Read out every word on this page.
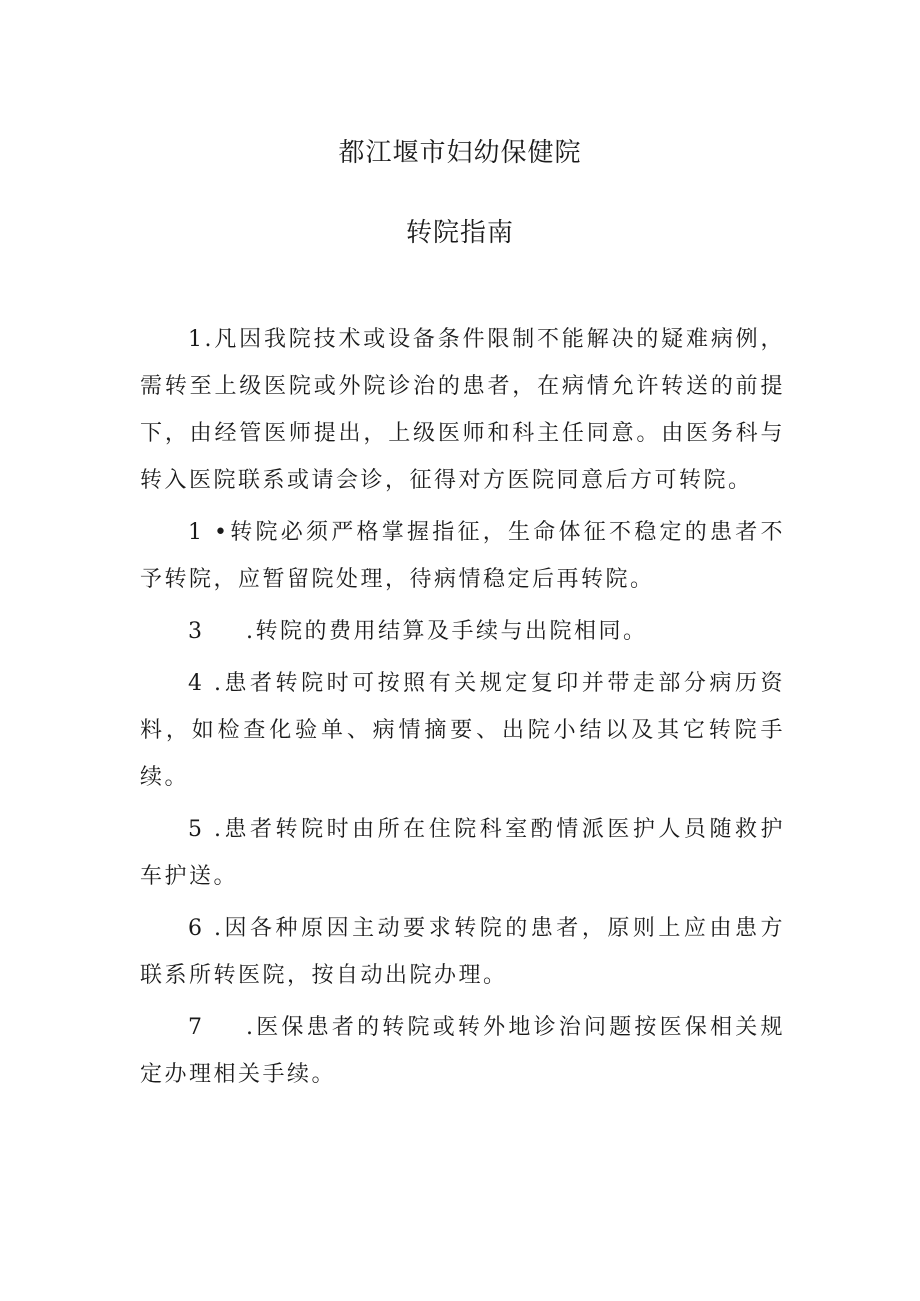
都江堰市妇幼保健院
转院指南

1.凡因我院技术或设备条件限制不能解决的疑难病例，需转至上级医院或外院诊治的患者，在病情允许转送的前提下，由经管医师提出，上级医师和科主任同意。由医务科与转入医院联系或请会诊，征得对方医院同意后方可转院。

1 •转院必须严格掌握指征，生命体征不稳定的患者不予转院，应暂留院处理，待病情稳定后再转院。

3 .转院的费用结算及手续与出院相同。

4 .患者转院时可按照有关规定复印并带走部分病历资料，如检查化验单、病情摘要、出院小结以及其它转院手续。

5 .患者转院时由所在住院科室酌情派医护人员随救护车护送。

6 .因各种原因主动要求转院的患者，原则上应由患方联系所转医院，按自动出院办理。

7 .医保患者的转院或转外地诊治问题按医保相关规定办理相关手续。
